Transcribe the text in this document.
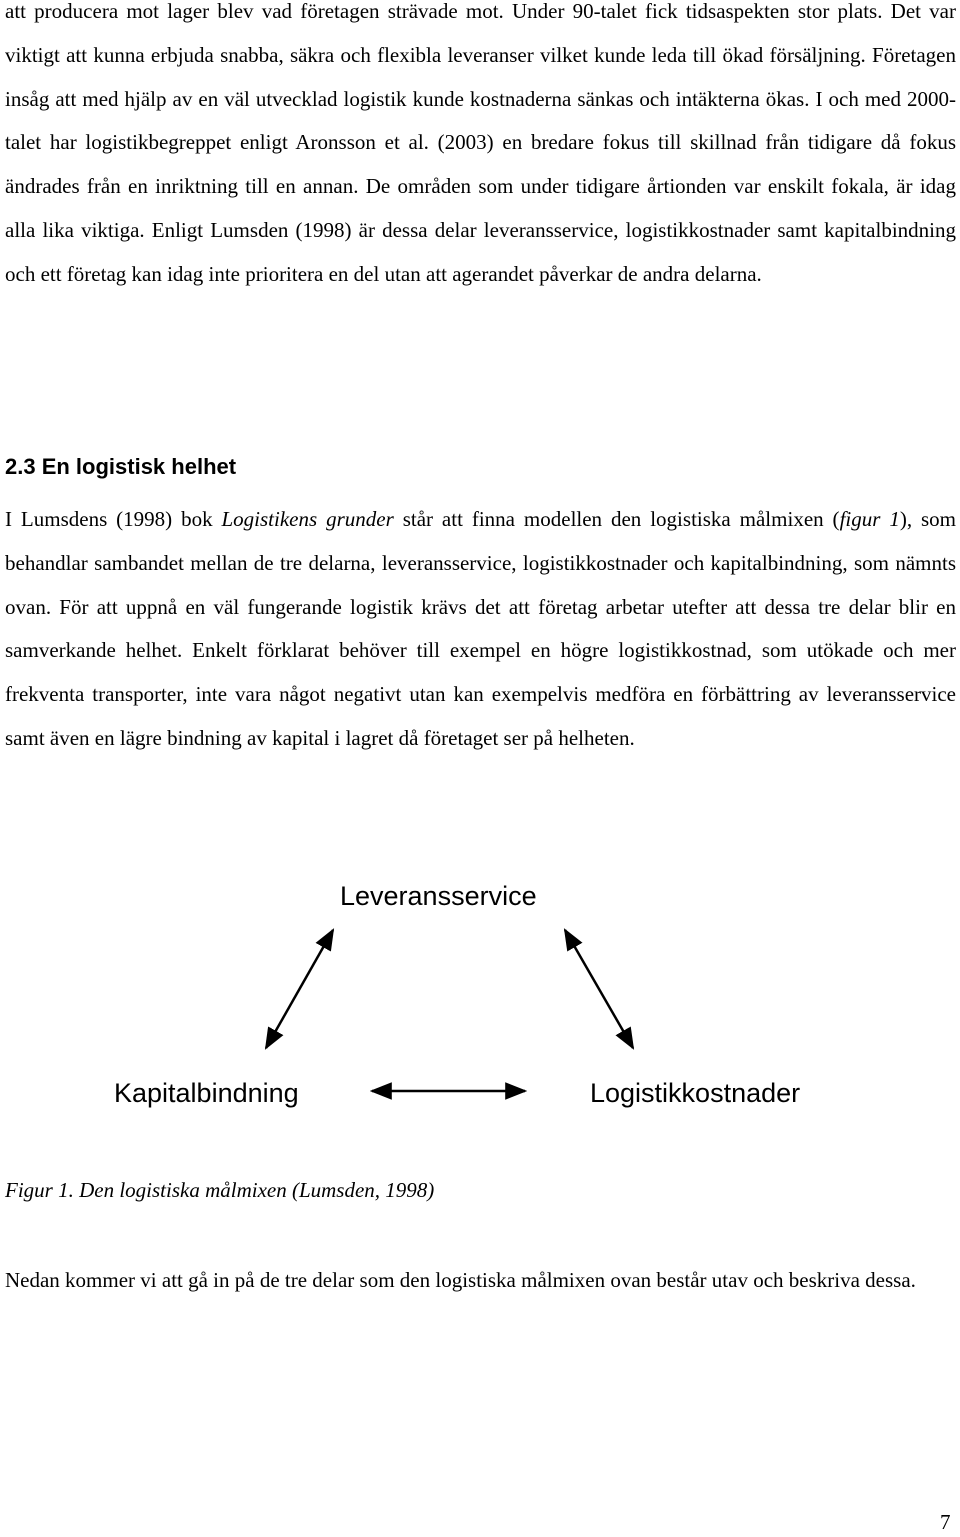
att producera mot lager blev vad företagen strävade mot. Under 90-talet fick tidsaspekten stor plats. Det var viktigt att kunna erbjuda snabba, säkra och flexibla leveranser vilket kunde leda till ökad försäljning. Företagen insåg att med hjälp av en väl utvecklad logistik kunde kostnaderna sänkas och intäkterna ökas. I och med 2000-talet har logistikbegreppet enligt Aronsson et al. (2003) en bredare fokus till skillnad från tidigare då fokus ändrades från en inriktning till en annan. De områden som under tidigare årtionden var enskilt fokala, är idag alla lika viktiga. Enligt Lumsden (1998) är dessa delar leveransservice, logistikkostnader samt kapitalbindning och ett företag kan idag inte prioritera en del utan att agerandet påverkar de andra delarna.

2.3 En logistisk helhet

I Lumsdens (1998) bok Logistikens grunder står att finna modellen den logistiska målmixen (figur 1), som behandlar sambandet mellan de tre delarna, leveransservice, logistikkostnader och kapitalbindning, som nämnts ovan. För att uppnå en väl fungerande logistik krävs det att företag arbetar utefter att dessa tre delar blir en samverkande helhet. Enkelt förklarat behöver till exempel en högre logistikkostnad, som utökade och mer frekventa transporter, inte vara något negativt utan kan exempelvis medföra en förbättring av leveransservice samt även en lägre bindning av kapital i lagret då företaget ser på helheten.

Leveransservice
Kapitalbindning	Logistikkostnader

Figur 1. Den logistiska målmixen (Lumsden, 1998)

Nedan kommer vi att gå in på de tre delar som den logistiska målmixen ovan består utav och beskriva dessa.

7
